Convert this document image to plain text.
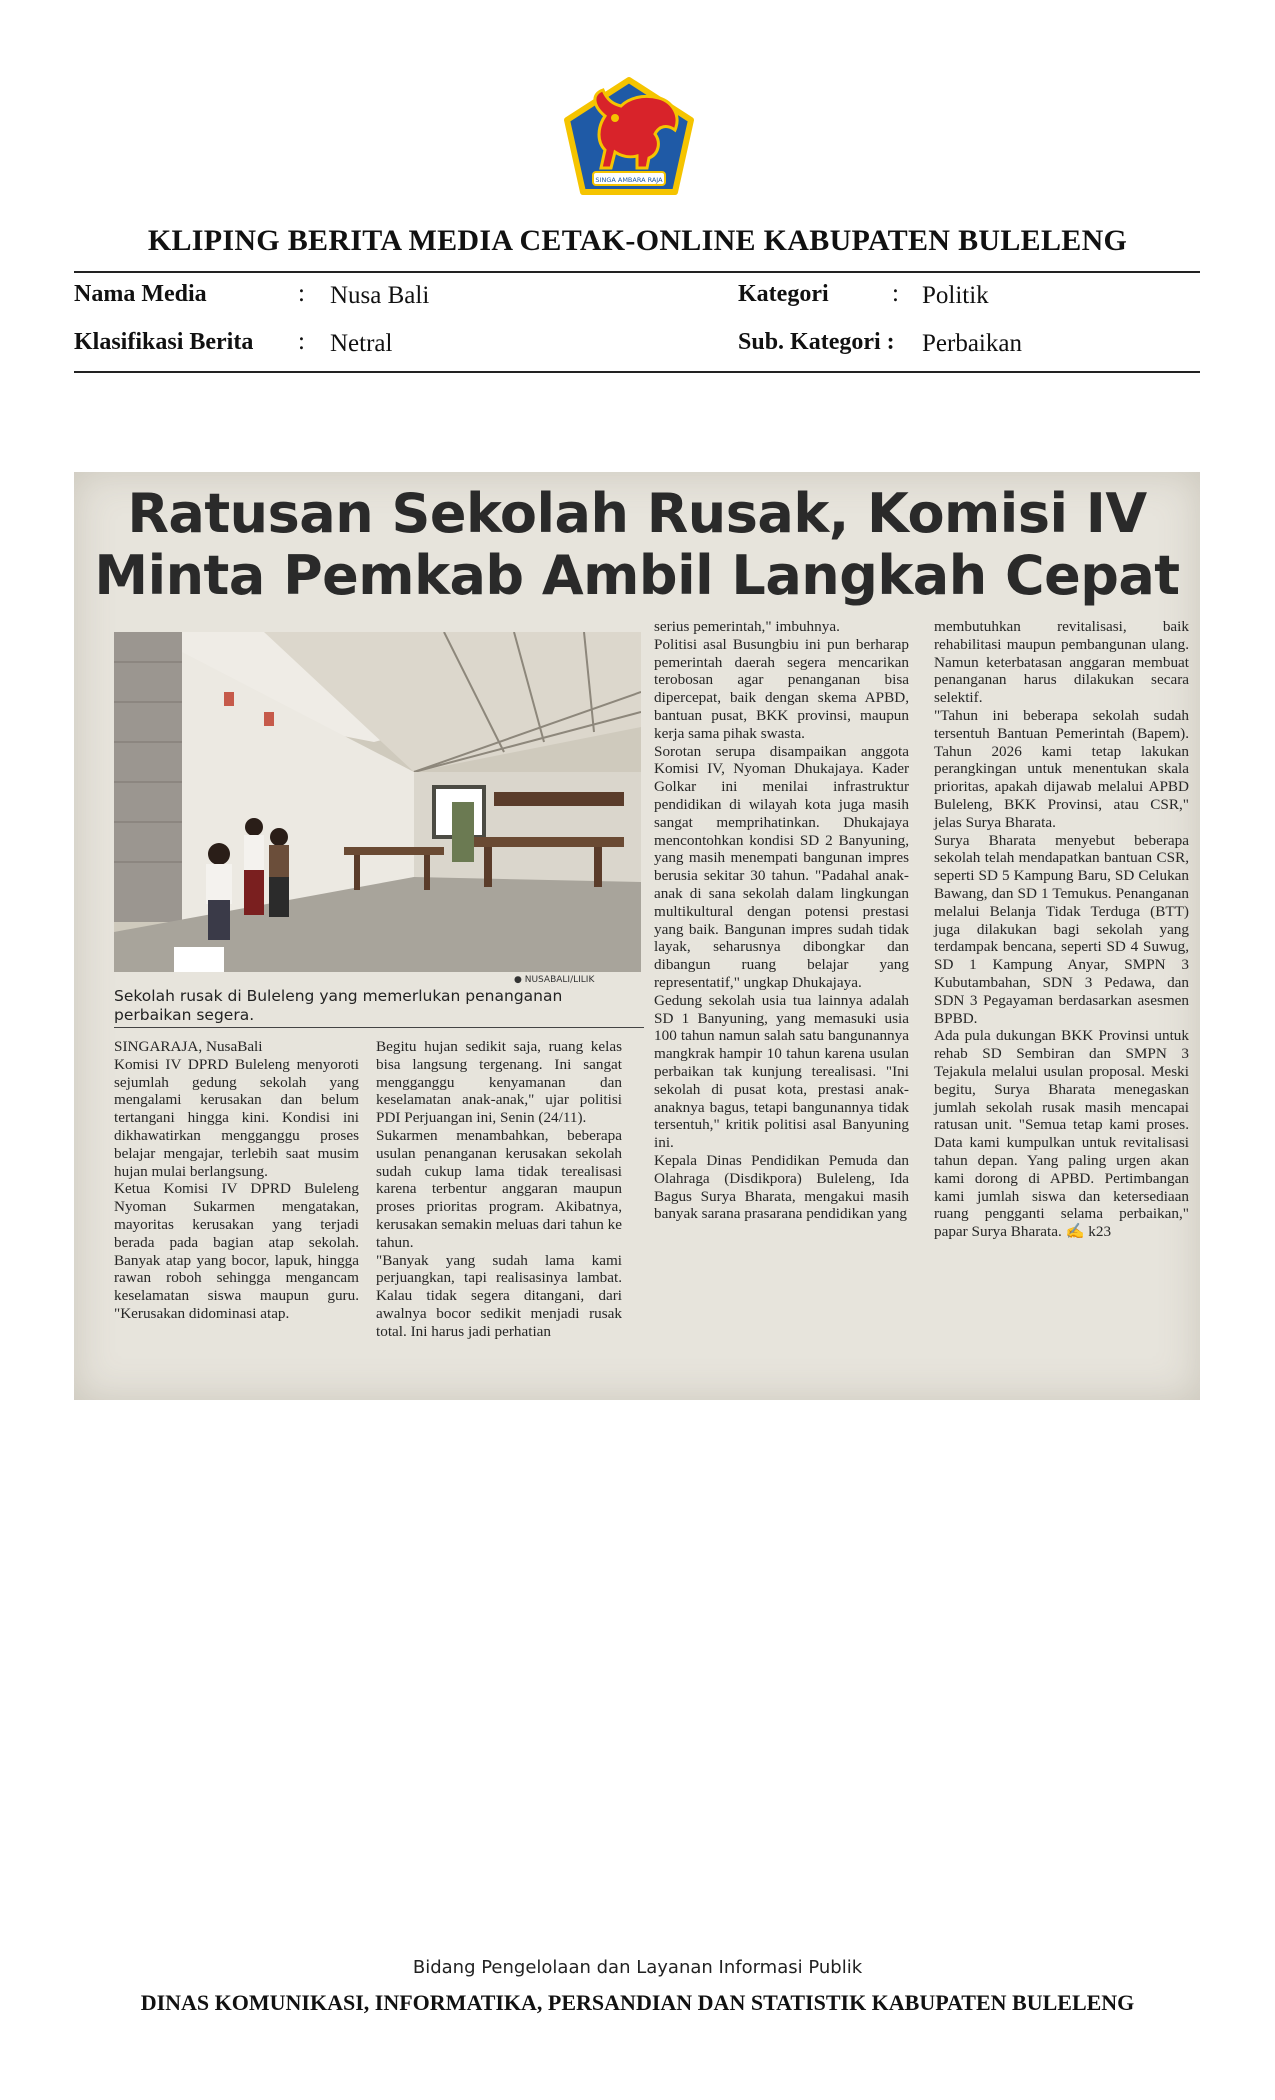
SINGA AMBARA RAJA
KLIPING BERITA MEDIA CETAK-ONLINE KABUPATEN BULELENG
Nama Media	: Nusa Bali	Kategori	: Politik
Klasifikasi Berita : Netral	Sub. Kategori : Perbaikan
Ratusan Sekolah Rusak, Komisi IV
Minta Pemkab Ambil Langkah Cepat
● NUSABALI/LILIK
Sekolah rusak di Buleleng yang memerlukan penanganan perbaikan segera.
SINGARAJA, NusaBali
Komisi IV DPRD Buleleng menyoroti sejumlah gedung sekolah yang mengalami kerusakan dan belum tertangani hingga kini. Kondisi ini dikhawatirkan mengganggu proses belajar mengajar, terlebih saat musim hujan mulai berlangsung.
Ketua Komisi IV DPRD Buleleng Nyoman Sukarmen mengatakan, mayoritas kerusakan yang terjadi berada pada bagian atap sekolah. Banyak atap yang bocor, lapuk, hingga rawan roboh sehingga mengancam keselamatan siswa maupun guru. "Kerusakan didominasi atap.
Begitu hujan sedikit saja, ruang kelas bisa langsung tergenang. Ini sangat mengganggu kenyamanan dan keselamatan anak-anak," ujar politisi PDI Perjuangan ini, Senin (24/11).
Sukarmen menambahkan, beberapa usulan penanganan kerusakan sekolah sudah cukup lama tidak terealisasi karena terbentur anggaran maupun proses prioritas program. Akibatnya, kerusakan semakin meluas dari tahun ke tahun.
"Banyak yang sudah lama kami perjuangkan, tapi realisasinya lambat. Kalau tidak segera ditangani, dari awalnya bocor sedikit menjadi rusak total. Ini harus jadi perhatian
serius pemerintah," imbuhnya.
Politisi asal Busungbiu ini pun berharap pemerintah daerah segera mencarikan terobosan agar penanganan bisa dipercepat, baik dengan skema APBD, bantuan pusat, BKK provinsi, maupun kerja sama pihak swasta.
Sorotan serupa disampaikan anggota Komisi IV, Nyoman Dhukajaya. Kader Golkar ini menilai infrastruktur pendidikan di wilayah kota juga masih sangat memprihatinkan. Dhukajaya mencontohkan kondisi SD 2 Banyuning, yang masih menempati bangunan impres berusia sekitar 30 tahun. "Padahal anak-anak di sana sekolah dalam lingkungan multikultural dengan potensi prestasi yang baik. Bangunan impres sudah tidak layak, seharusnya dibongkar dan dibangun ruang belajar yang representatif," ungkap Dhukajaya.
Gedung sekolah usia tua lainnya adalah SD 1 Banyuning, yang memasuki usia 100 tahun namun salah satu bangunannya mangkrak hampir 10 tahun karena usulan perbaikan tak kunjung terealisasi. "Ini sekolah di pusat kota, prestasi anak-anaknya bagus, tetapi bangunannya tidak tersentuh," kritik politisi asal Banyuning ini.
Kepala Dinas Pendidikan Pemuda dan Olahraga (Disdikpora) Buleleng, Ida Bagus Surya Bharata, mengakui masih banyak sarana prasarana pendidikan yang
membutuhkan revitalisasi, baik rehabilitasi maupun pembangunan ulang. Namun keterbatasan anggaran membuat penanganan harus dilakukan secara selektif.
"Tahun ini beberapa sekolah sudah tersentuh Bantuan Pemerintah (Bapem). Tahun 2026 kami tetap lakukan perangkingan untuk menentukan skala prioritas, apakah dijawab melalui APBD Buleleng, BKK Provinsi, atau CSR," jelas Surya Bharata.
Surya Bharata menyebut beberapa sekolah telah mendapatkan bantuan CSR, seperti SD 5 Kampung Baru, SD Celukan Bawang, dan SD 1 Temukus. Penanganan melalui Belanja Tidak Terduga (BTT) juga dilakukan bagi sekolah yang terdampak bencana, seperti SD 4 Suwug, SD 1 Kampung Anyar, SMPN 3 Kubutambahan, SDN 3 Pedawa, dan SDN 3 Pegayaman berdasarkan asesmen BPBD.
Ada pula dukungan BKK Provinsi untuk rehab SD Sembiran dan SMPN 3 Tejakula melalui usulan proposal. Meski begitu, Surya Bharata menegaskan jumlah sekolah rusak masih mencapai ratusan unit. "Semua tetap kami proses. Data kami kumpulkan untuk revitalisasi tahun depan. Yang paling urgen akan kami dorong di APBD. Pertimbangan kami jumlah siswa dan ketersediaan ruang pengganti selama perbaikan," papar Surya Bharata. ✍ k23
Bidang Pengelolaan dan Layanan Informasi Publik
DINAS KOMUNIKASI, INFORMATIKA, PERSANDIAN DAN STATISTIK KABUPATEN BULELENG
